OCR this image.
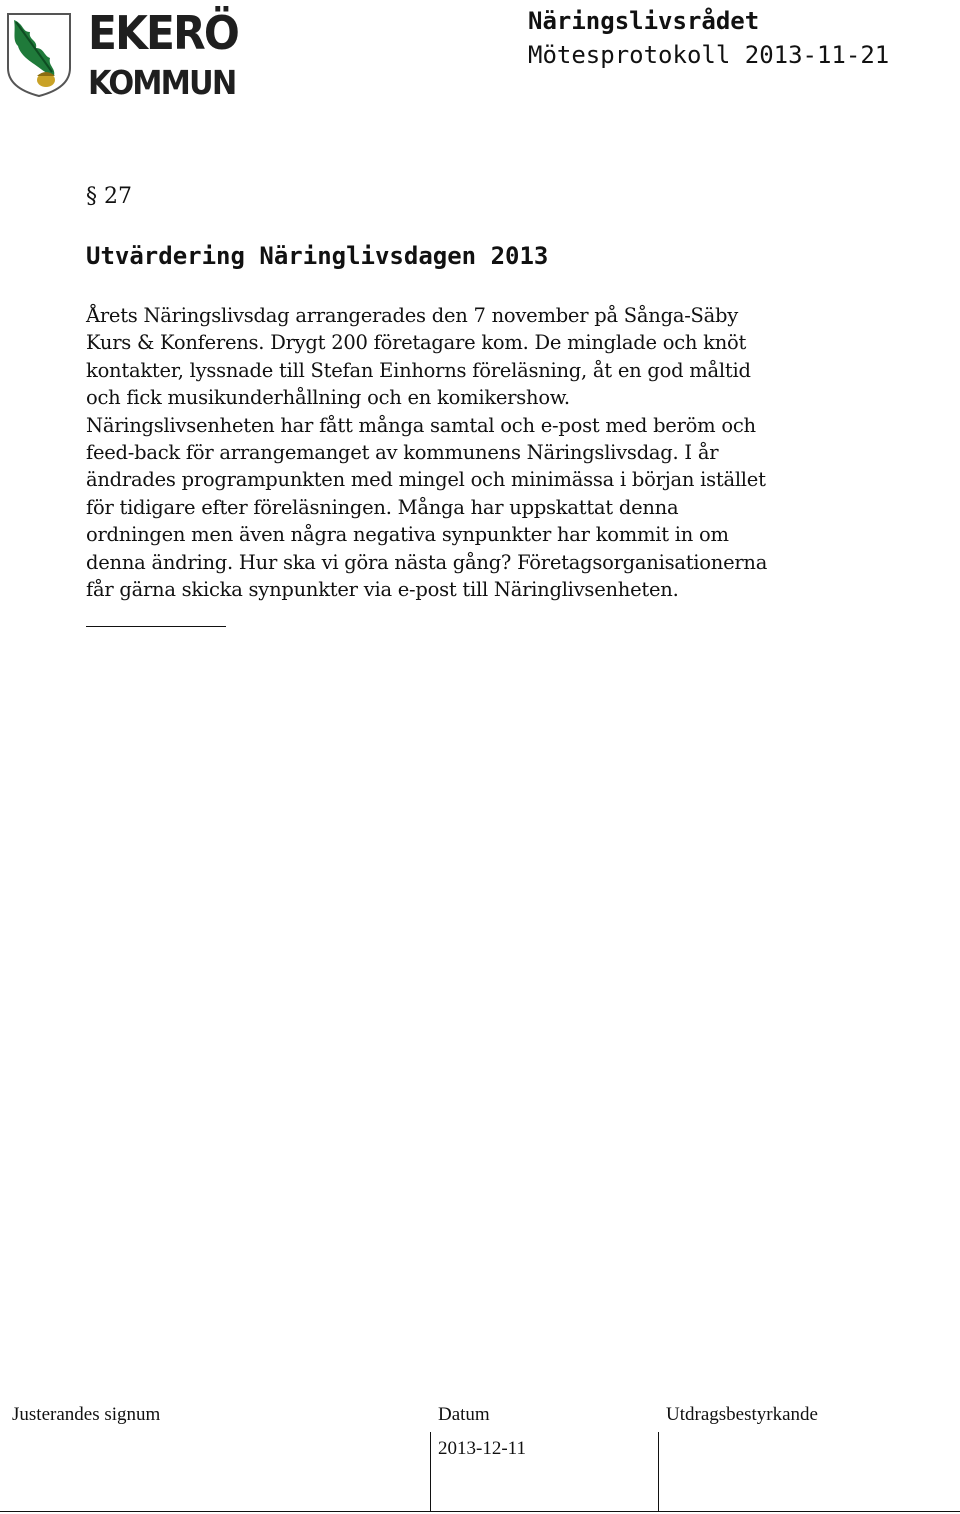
EKERÖ
KOMMUN
Näringslivsrådet
Mötesprotokoll 2013-11-21
§ 27
Utvärdering Näringlivsdagen 2013
Årets Näringslivsdag arrangerades den 7 november på Sånga-Säby
Kurs & Konferens. Drygt 200 företagare kom. De minglade och knöt
kontakter, lyssnade till Stefan Einhorns föreläsning, åt en god måltid
och fick musikunderhållning och en komikershow.
Näringslivsenheten har fått många samtal och e-post med beröm och
feed-back för arrangemanget av kommunens Näringslivsdag. I år
ändrades programpunkten med mingel och minimässa i början istället
för tidigare efter föreläsningen. Många har uppskattat denna
ordningen men även några negativa synpunkter har kommit in om
denna ändring. Hur ska vi göra nästa gång? Företagsorganisationerna
får gärna skicka synpunkter via e-post till Näringlivsenheten.
Justerandes signum	Datum	Utdragsbestyrkande
2013-12-11
